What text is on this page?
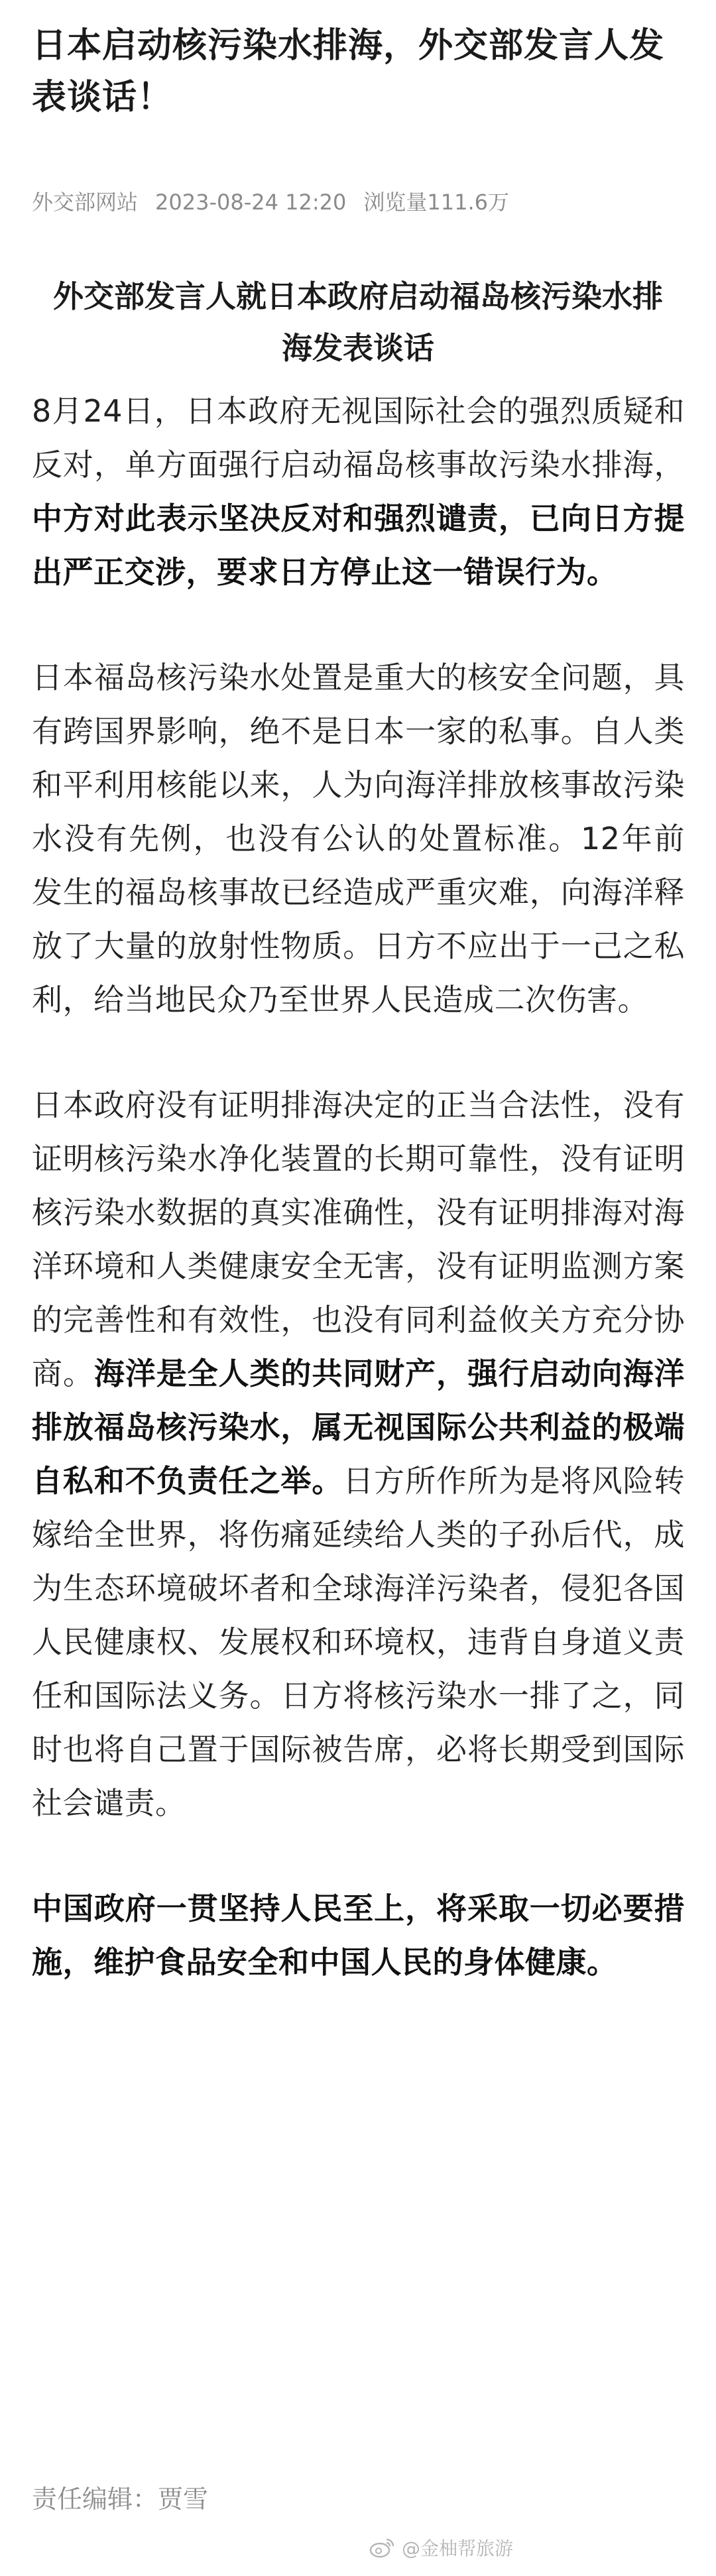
日本启动核污染水排海，外交部发言人发表谈话！
外交部网站 2023-08-24 12:20 浏览量111.6万
外交部发言人就日本政府启动福岛核污染水排海发表谈话

8月24日，日本政府无视国际社会的强烈质疑和反对，单方面强行启动福岛核事故污染水排海，中方对此表示坚决反对和强烈谴责，已向日方提出严正交涉，要求日方停止这一错误行为。

日本福岛核污染水处置是重大的核安全问题，具有跨国界影响，绝不是日本一家的私事。自人类和平利用核能以来，人为向海洋排放核事故污染水没有先例，也没有公认的处置标准。12年前发生的福岛核事故已经造成严重灾难，向海洋释放了大量的放射性物质。日方不应出于一己之私利，给当地民众乃至世界人民造成二次伤害。

日本政府没有证明排海决定的正当合法性，没有证明核污染水净化装置的长期可靠性，没有证明核污染水数据的真实准确性，没有证明排海对海洋环境和人类健康安全无害，没有证明监测方案的完善性和有效性，也没有同利益攸关方充分协商。海洋是全人类的共同财产，强行启动向海洋排放福岛核污染水，属无视国际公共利益的极端自私和不负责任之举。日方所作所为是将风险转嫁给全世界，将伤痛延续给人类的子孙后代，成为生态环境破坏者和全球海洋污染者，侵犯各国人民健康权、发展权和环境权，违背自身道义责任和国际法义务。日方将核污染水一排了之，同时也将自己置于国际被告席，必将长期受到国际社会谴责。

中国政府一贯坚持人民至上，将采取一切必要措施，维护食品安全和中国人民的身体健康。

责任编辑：贾雪
@金柚帮旅游
